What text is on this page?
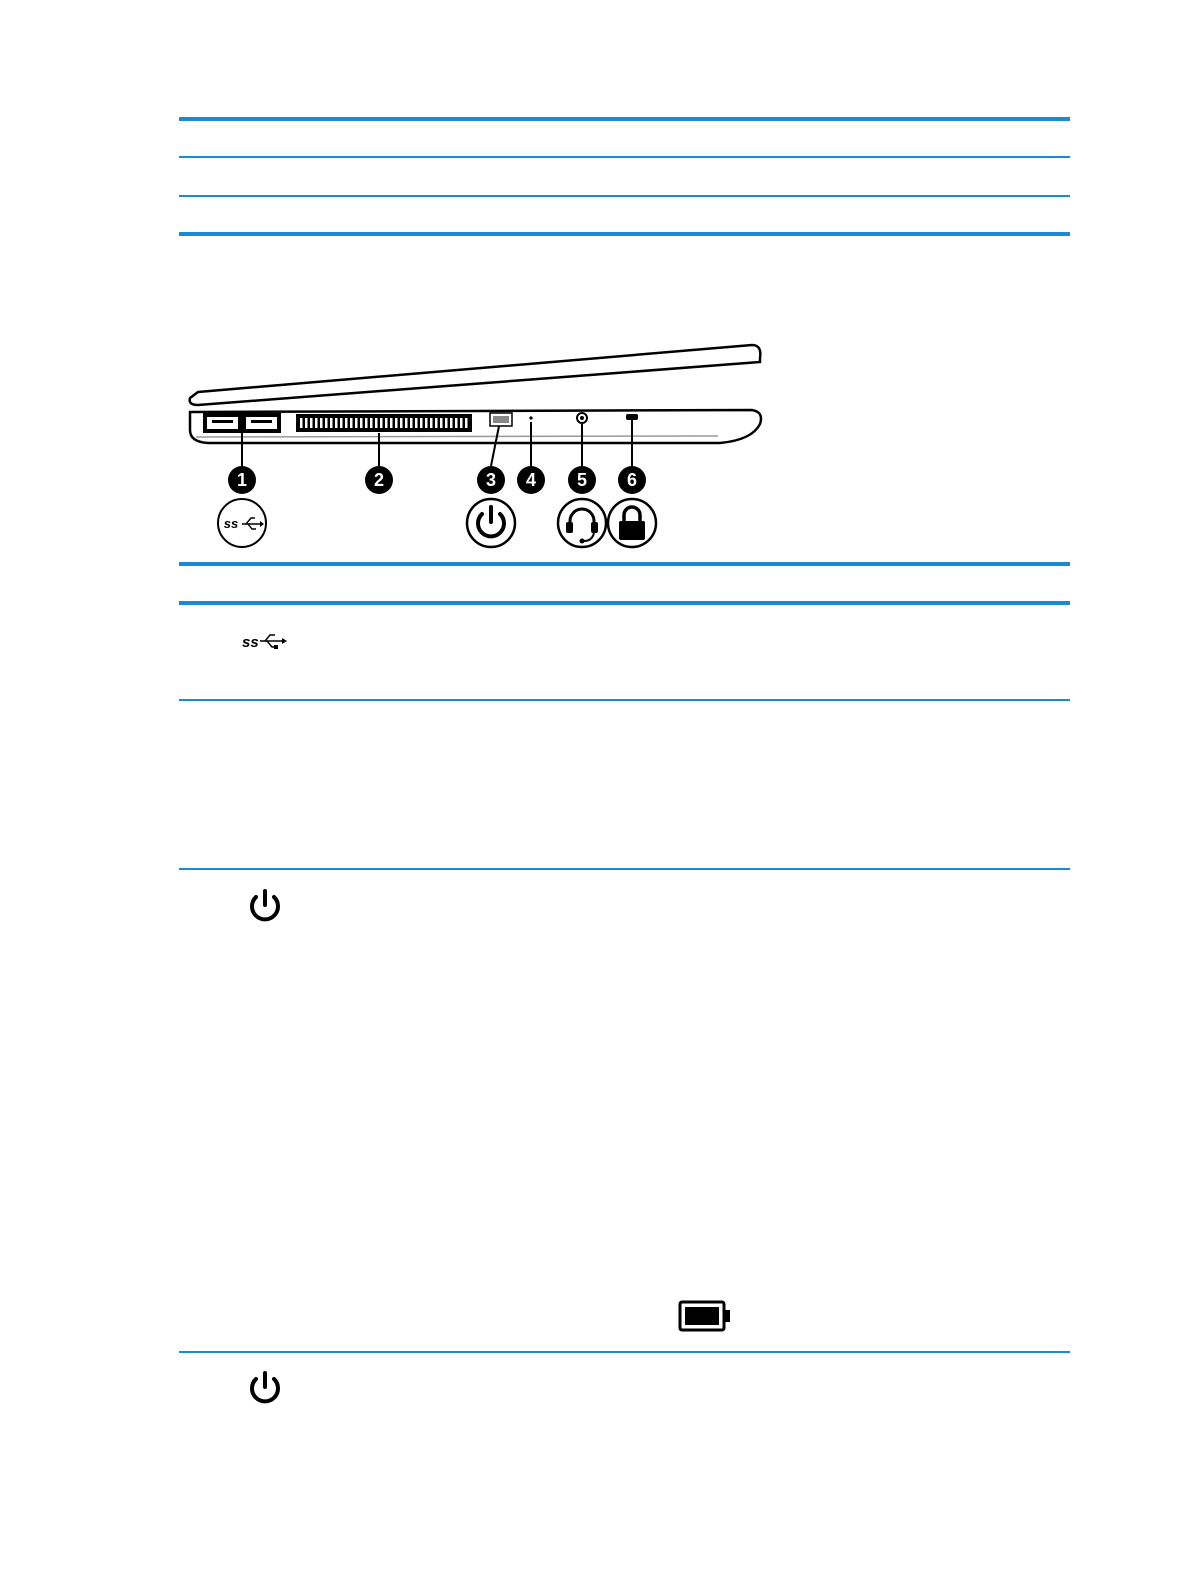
1	2	3 4 5 6
ss
ss
